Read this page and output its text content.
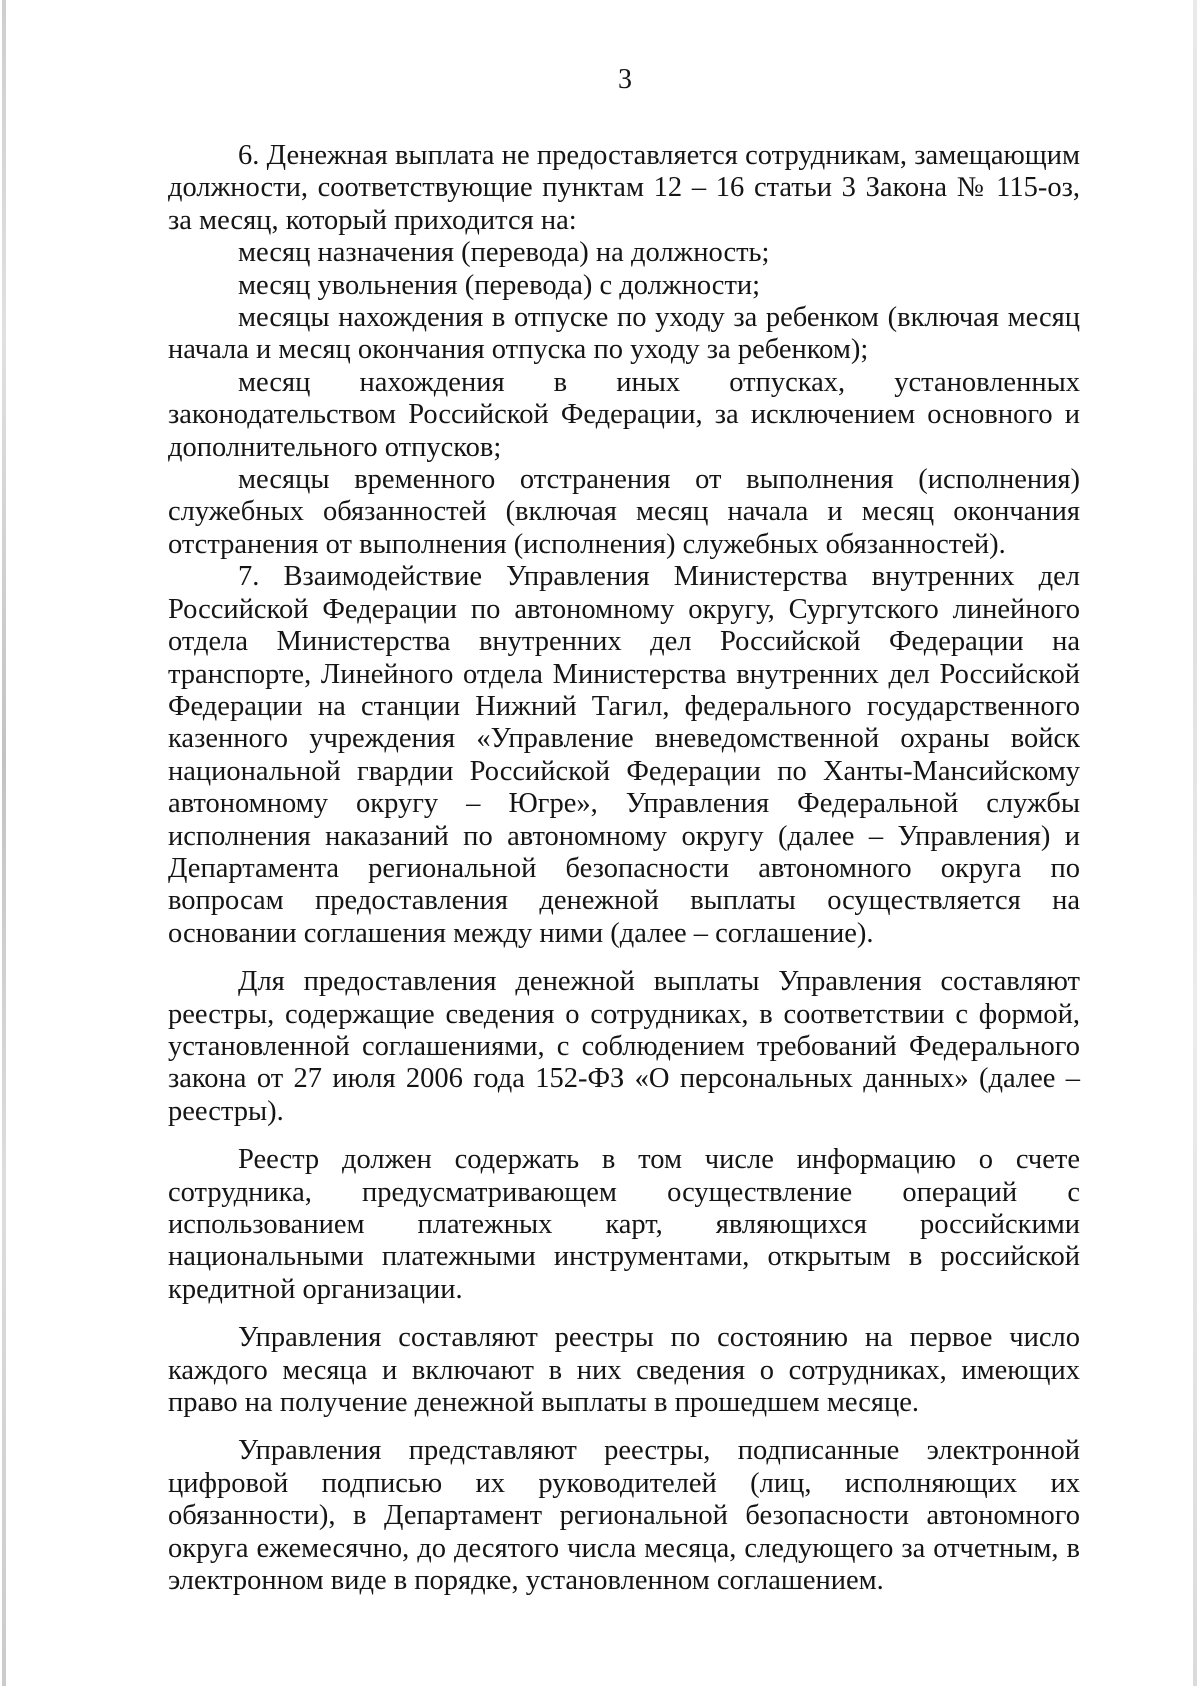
3

6. Денежная выплата не предоставляется сотрудникам, замещающим должности, соответствующие пунктам 12 – 16 статьи 3 Закона № 115-оз, за месяц, который приходится на:

месяц назначения (перевода) на должность;

месяц увольнения (перевода) с должности;

месяцы нахождения в отпуске по уходу за ребенком (включая месяц начала и месяц окончания отпуска по уходу за ребенком);

месяц нахождения в иных отпусках, установленных законодательством Российской Федерации, за исключением основного и дополнительного отпусков;

месяцы временного отстранения от выполнения (исполнения) служебных обязанностей (включая месяц начала и месяц окончания отстранения от выполнения (исполнения) служебных обязанностей).

7. Взаимодействие Управления Министерства внутренних дел Российской Федерации по автономному округу, Сургутского линейного отдела Министерства внутренних дел Российской Федерации на транспорте, Линейного отдела Министерства внутренних дел Российской Федерации на станции Нижний Тагил, федерального государственного казенного учреждения «Управление вневедомственной охраны войск национальной гвардии Российской Федерации по Ханты-Мансийскому автономному округу – Югре», Управления Федеральной службы исполнения наказаний по автономному округу (далее – Управления) и Департамента региональной безопасности автономного округа по вопросам предоставления денежной выплаты осуществляется на основании соглашения между ними (далее – соглашение).

Для предоставления денежной выплаты Управления составляют реестры, содержащие сведения о сотрудниках, в соответствии с формой, установленной соглашениями, с соблюдением требований Федерального закона от 27 июля 2006 года 152-ФЗ «О персональных данных» (далее – реестры).

Реестр должен содержать в том числе информацию о счете сотрудника, предусматривающем осуществление операций с использованием платежных карт, являющихся российскими национальными платежными инструментами, открытым в российской кредитной организации.

Управления составляют реестры по состоянию на первое число каждого месяца и включают в них сведения о сотрудниках, имеющих право на получение денежной выплаты в прошедшем месяце.

Управления представляют реестры, подписанные электронной цифровой подписью их руководителей (лиц, исполняющих их обязанности), в Департамент региональной безопасности автономного округа ежемесячно, до десятого числа месяца, следующего за отчетным, в электронном виде в порядке, установленном соглашением.
